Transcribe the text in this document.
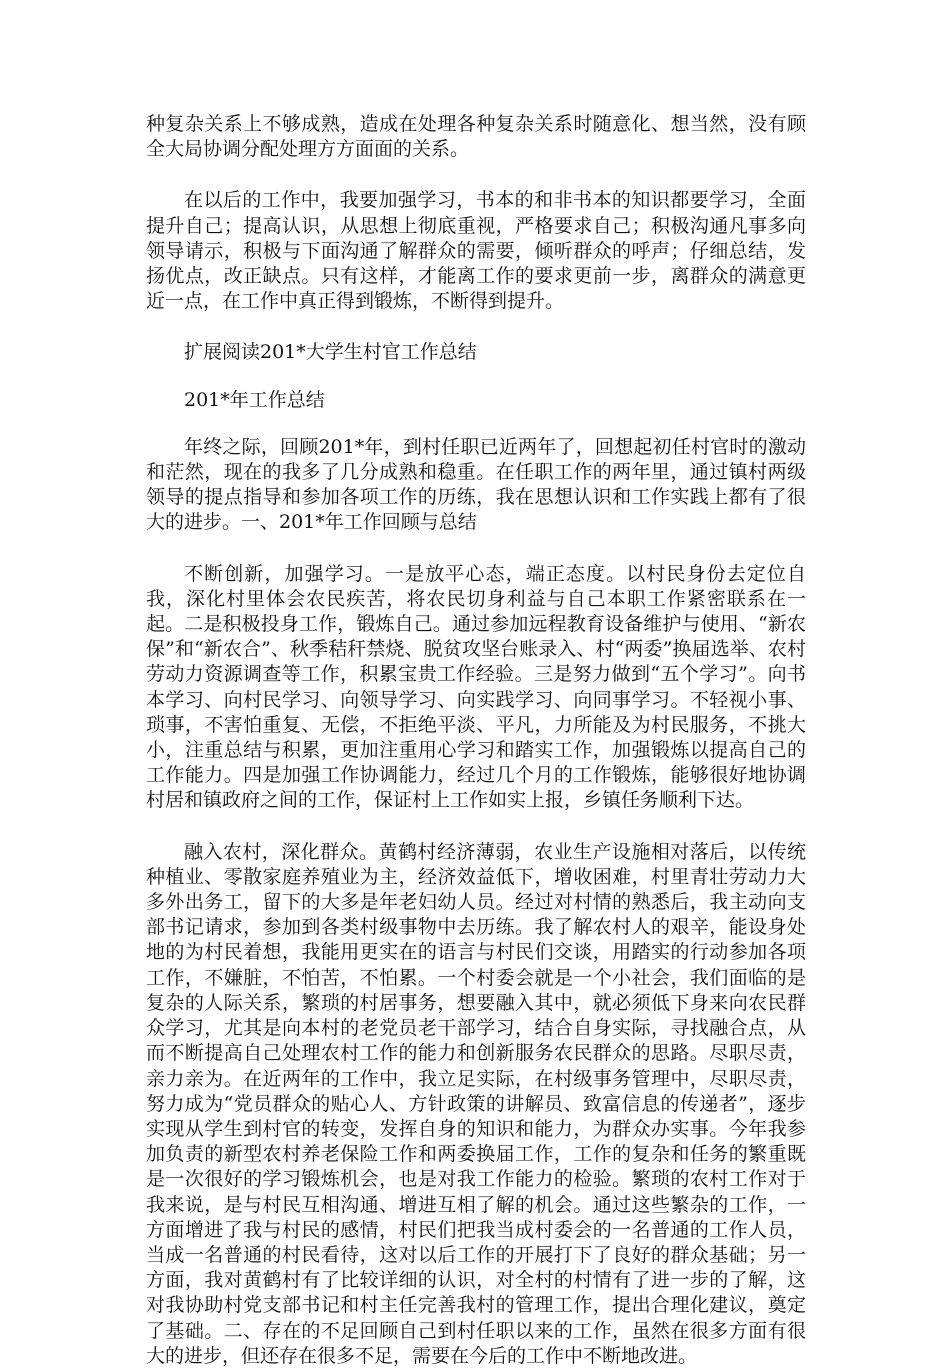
种复杂关系上不够成熟，造成在处理各种复杂关系时随意化、想当然，没有顾全大局协调分配处理方方面面的关系。

在以后的工作中，我要加强学习，书本的和非书本的知识都要学习，全面提升自己；提高认识，从思想上彻底重视，严格要求自己；积极沟通凡事多向领导请示，积极与下面沟通了解群众的需要，倾听群众的呼声；仔细总结，发扬优点，改正缺点。只有这样，才能离工作的要求更前一步，离群众的满意更近一点，在工作中真正得到锻炼，不断得到提升。

扩展阅读201*大学生村官工作总结

201*年工作总结

年终之际，回顾201*年，到村任职已近两年了，回想起初任村官时的激动和茫然，现在的我多了几分成熟和稳重。在任职工作的两年里，通过镇村两级领导的提点指导和参加各项工作的历练，我在思想认识和工作实践上都有了很大的进步。一、201*年工作回顾与总结

不断创新，加强学习。一是放平心态，端正态度。以村民身份去定位自我，深化村里体会农民疾苦，将农民切身利益与自己本职工作紧密联系在一起。二是积极投身工作，锻炼自己。通过参加远程教育设备维护与使用、“新农保”和“新农合”、秋季秸秆禁烧、脱贫攻坚台账录入、村“两委”换届选举、农村劳动力资源调查等工作，积累宝贵工作经验。三是努力做到“五个学习”。向书本学习、向村民学习、向领导学习、向实践学习、向同事学习。不轻视小事、琐事，不害怕重复、无偿，不拒绝平淡、平凡，力所能及为村民服务，不挑大小，注重总结与积累，更加注重用心学习和踏实工作，加强锻炼以提高自己的工作能力。四是加强工作协调能力，经过几个月的工作锻炼，能够很好地协调村居和镇政府之间的工作，保证村上工作如实上报，乡镇任务顺利下达。

融入农村，深化群众。黄鹤村经济薄弱，农业生产设施相对落后，以传统种植业、零散家庭养殖业为主，经济效益低下，增收困难，村里青壮劳动力大多外出务工，留下的大多是年老妇幼人员。经过对村情的熟悉后，我主动向支部书记请求，参加到各类村级事物中去历练。我了解农村人的艰辛，能设身处地的为村民着想，我能用更实在的语言与村民们交谈，用踏实的行动参加各项工作，不嫌脏，不怕苦，不怕累。一个村委会就是一个小社会，我们面临的是复杂的人际关系，繁琐的村居事务，想要融入其中，就必须低下身来向农民群众学习，尤其是向本村的老党员老干部学习，结合自身实际，寻找融合点，从而不断提高自己处理农村工作的能力和创新服务农民群众的思路。尽职尽责，亲力亲为。在近两年的工作中，我立足实际，在村级事务管理中，尽职尽责，努力成为“党员群众的贴心人、方针政策的讲解员、致富信息的传递者”，逐步实现从学生到村官的转变，发挥自身的知识和能力，为群众办实事。今年我参加负责的新型农村养老保险工作和两委换届工作，工作的复杂和任务的繁重既是一次很好的学习锻炼机会，也是对我工作能力的检验。繁琐的农村工作对于我来说，是与村民互相沟通、增进互相了解的机会。通过这些繁杂的工作，一方面增进了我与村民的感情，村民们把我当成村委会的一名普通的工作人员，当成一名普通的村民看待，这对以后工作的开展打下了良好的群众基础；另一方面，我对黄鹤村有了比较详细的认识，对全村的村情有了进一步的了解，这对我协助村党支部书记和村主任完善我村的管理工作，提出合理化建议，奠定了基础。二、存在的不足回顾自己到村任职以来的工作，虽然在很多方面有很大的进步，但还存在很多不足，需要在今后的工作中不断地改进。
